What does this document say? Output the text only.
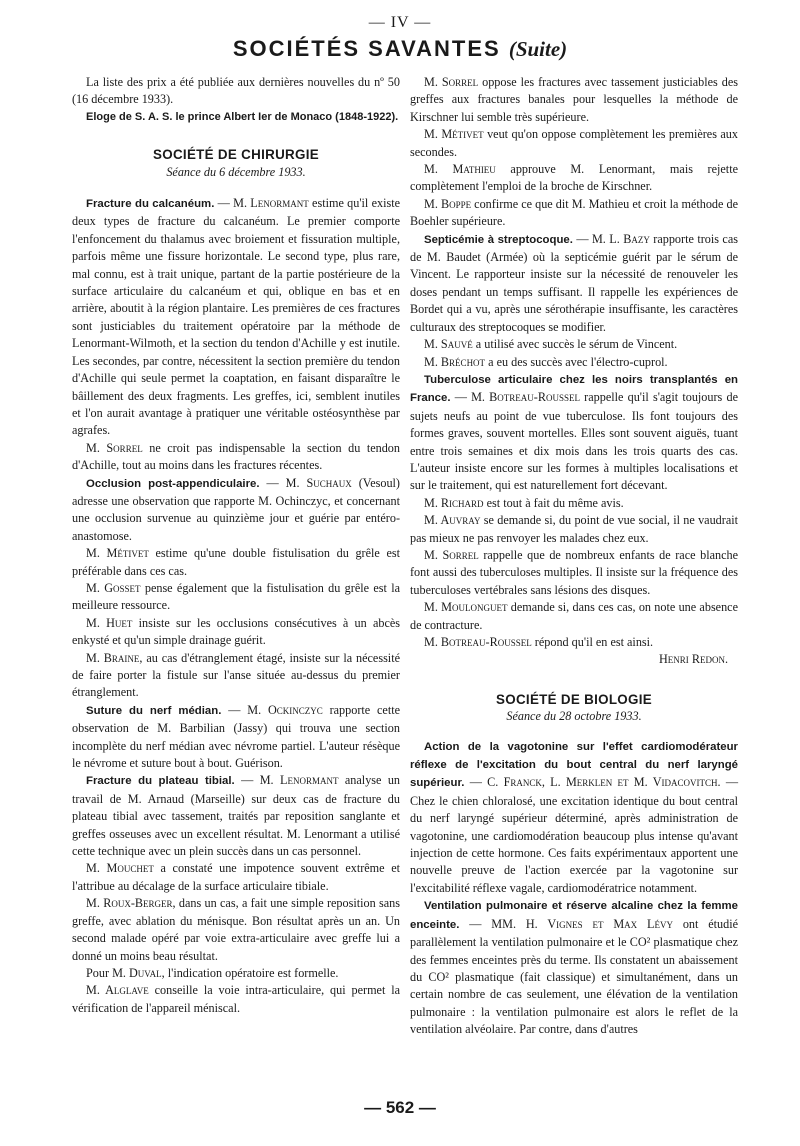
— IV —
SOCIÉTÉS SAVANTES (Suite)

La liste des prix a été publiée aux dernières nouvelles du nº 50 (16 décembre 1933).

Eloge de S. A. S. le prince Albert Ier de Monaco (1848-1922).

SOCIÉTÉ DE CHIRURGIE

Séance du 6 décembre 1933.

Fracture du calcanéum. — M. Lenormant estime qu'il existe deux types de fracture du calcanéum. Le premier comporte l'enfoncement du thalamus avec broiement et fissuration multiple, parfois même une fissure horizontale. Le second type, plus rare, mal connu, est à trait unique, partant de la partie postérieure de la surface articulaire du calcanéum et qui, oblique en bas et en arrière, aboutit à la région plantaire. Les premières de ces fractures sont justiciables du traitement opératoire par la méthode de Lenormant-Wilmoth, et la section du tendon d'Achille y est inutile. Les secondes, par contre, nécessitent la section première du tendon d'Achille qui seule permet la coaptation, en faisant disparaître le bâillement des deux fragments. Les greffes, ici, semblent inutiles et l'on aurait avantage à pratiquer une véritable ostéosynthèse par agrafes.

M. Sorrel ne croit pas indispensable la section du tendon d'Achille, tout au moins dans les fractures récentes.

Occlusion post-appendiculaire. — M. Suchaux (Vesoul) adresse une observation que rapporte M. Ochinczyc, et concernant une occlusion survenue au quinzième jour et guérie par entéro-anastomose.

M. Métivet estime qu'une double fistulisation du grêle est préférable dans ces cas.

M. Gosset pense également que la fistulisation du grêle est la meilleure ressource.

M. Huet insiste sur les occlusions consécutives à un abcès enkysté et qu'un simple drainage guérit.

M. Braine, au cas d'étranglement étagé, insiste sur la nécessité de faire porter la fistule sur l'anse située au-dessus du premier étranglement.

Suture du nerf médian. — M. Ockinczyc rapporte cette observation de M. Barbilian (Jassy) qui trouva une section incomplète du nerf médian avec névrome partiel. L'auteur résèque le névrome et suture bout à bout. Guérison.

Fracture du plateau tibial. — M. Lenormant analyse un travail de M. Arnaud (Marseille) sur deux cas de fracture du plateau tibial avec tassement, traités par reposition sanglante et greffes osseuses avec un excellent résultat. M. Lenormant a utilisé cette technique avec un plein succès dans un cas personnel.

M. Mouchet a constaté une impotence souvent extrême et l'attribue au décalage de la surface articulaire tibiale.

M. Roux-Berger, dans un cas, a fait une simple reposition sans greffe, avec ablation du ménisque. Bon résultat après un an. Un second malade opéré par voie extra-articulaire avec greffe lui a donné un moins beau résultat.

Pour M. Duval, l'indication opératoire est formelle.

M. Alglave conseille la voie intra-articulaire, qui permet la vérification de l'appareil méniscal.

M. Sorrel oppose les fractures avec tassement justiciables des greffes aux fractures banales pour lesquelles la méthode de Kirschner lui semble très supérieure.

M. Métivet veut qu'on oppose complètement les premières aux secondes.

M. Mathieu approuve M. Lenormant, mais rejette complètement l'emploi de la broche de Kirschner.

M. Boppe confirme ce que dit M. Mathieu et croit la méthode de Boehler supérieure.

Septicémie à streptocoque. — M. L. Bazy rapporte trois cas de M. Baudet (Armée) où la septicémie guérit par le sérum de Vincent. Le rapporteur insiste sur la nécessité de renouveler les doses pendant un temps suffisant. Il rappelle les expériences de Bordet qui a vu, après une sérothérapie insuffisante, les caractères culturaux des streptocoques se modifier.

M. Sauvé a utilisé avec succès le sérum de Vincent.

M. Bréchot a eu des succès avec l'électro-cuprol.

Tuberculose articulaire chez les noirs transplantés en France. — M. Botreau-Roussel rappelle qu'il s'agit toujours de sujets neufs au point de vue tuberculose. Ils font toujours des formes graves, souvent mortelles. Elles sont souvent aiguës, tuant entre trois semaines et dix mois dans les trois quarts des cas. L'auteur insiste encore sur les formes à multiples localisations et sur le traitement, qui est naturellement fort décevant.

M. Richard est tout à fait du même avis.

M. Auvray se demande si, du point de vue social, il ne vaudrait pas mieux ne pas renvoyer les malades chez eux.

M. Sorrel rappelle que de nombreux enfants de race blanche font aussi des tuberculoses multiples. Il insiste sur la fréquence des tuberculoses vertébrales sans lésions des disques.

M. Moulonguet demande si, dans ces cas, on note une absence de contracture.

M. Botreau-Roussel répond qu'il en est ainsi.

Henri Redon.

SOCIÉTÉ DE BIOLOGIE

Séance du 28 octobre 1933.

Action de la vagotonine sur l'effet cardiomodérateur réflexe de l'excitation du bout central du nerf laryngé supérieur. — C. Franck, L. Merklen et M. Vidacovitch. — Chez le chien chloralosé, une excitation identique du bout central du nerf laryngé supérieur déterminé, après administration de vagotonine, une cardiomodération beaucoup plus intense qu'avant injection de cette hormone. Ces faits expérimentaux apportent une nouvelle preuve de l'action exercée par la vagotonine sur l'excitabilité réflexe vagale, cardiomodératrice notamment.

Ventilation pulmonaire et réserve alcaline chez la femme enceinte. — MM. H. Vignes et Max Lévy ont étudié parallèlement la ventilation pulmonaire et le CO² plasmatique chez des femmes enceintes près du terme. Ils constatent un abaissement du CO² plasmatique (fait classique) et simultanément, dans un certain nombre de cas seulement, une élévation de la ventilation pulmonaire : la ventilation pulmonaire est alors le reflet de la ventilation alvéolaire. Par contre, dans d'autres

— 562 —
